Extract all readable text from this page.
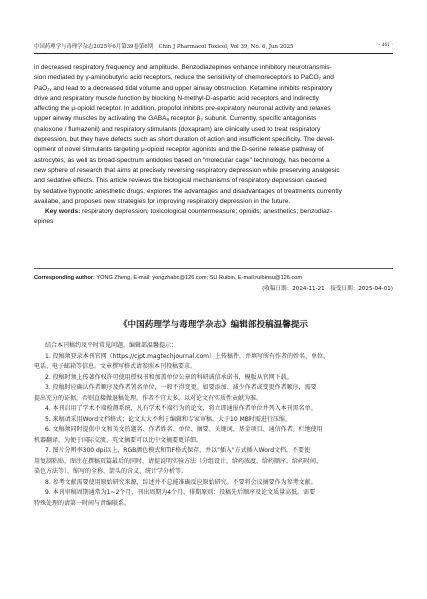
中国药理学与毒理学杂志2025年6月第39卷第6期　Chin J Pharmacol Toxicol, Vol 39, No. 6, Jun 2025	· 461 ·
in decreased respiratory frequency and amplitude. Benzodiazepines enhance inhibitory neurotransmis-
sion mediated by γ-aminobutyric acid receptors, reduce the sensitivity of chemoreceptors to PaCO₂ and
PaO₂, and lead to a decreased tidal volume and upper airway obstruction. Ketamine inhibits respiratory
drive and respiratory muscle function by blocking N-methyl-D-aspartic acid receptors and indirectly
affecting the μ-opioid receptor. In addition, propofol inhibits pre-expiratory neuronal activity and relaxes
upper airway muscles by activating the GABAₐ receptor β₃ subunit. Currently, specific antagonists
(naloxone / flumazenil) and respiratory stimulants (doxapram) are clinically used to treat respiratory
depression, but they have defects such as short duration of action and insufficient specificity. The devel-
opment of novel stimulants targeting μ-opioid receptor agonists and the D-serine release pathway of
astrocytes, as well as broad-spectrum antidotes based on "molecular cage" technology, has become a
new sphere of research that aims at precisely reversing respiratory depression while preserving analgesic
and sedative effects. This article reviews the biological mechanisms of respiratory depression caused
by sedative hypnotic anesthetic drugs, explores the advantages and disadvantages of treatments currently
availabe, and proposes new strategies for improving respiratory depression in the future.
Key words: respiratory depression; toxicological countermeasure; opioids; anesthetics; benzodiaz-
epines
Corresponding author: YONG Zheng, E-mail: yongzhabc@126.com; SU Ruibin, E-mail:ruibinsu@126.com
(收稿日期：2024-11-21　接受日期：2025-04-01)
《中国药理学与毒理学杂志》编辑部投稿温馨提示
结合本刊稿约及平时常见问题，编辑部温馨提示：
1. 投稿须登录本刊官网（https://cjpt.magtechjournal.com）上传稿件，并填写所有作者的姓名、单位、
电话、电子邮箱等信息。文章撰写格式请参照本刊投稿要求。
2. 投稿时须上传著作权许可使用授权书和加盖单位公章的科研诚信承诺书，模版从官网下载。
3. 投稿时应确认作者顺序及作者署名单位，一般不得变更。如要添加、减少作者或变更作者顺序，需要
提出充分的证据，否则直接做退稿处理。作者不宜太多，以对论文有实质性贡献为准。
4. 本刊启用了学术不端检测系统，凡有学术不端行为的论文，将立即通报作者单位并列入本刊黑名单。
5. 来稿请采用Word文档格式；论文太大不利于编辑和专家审稿，大于10 MB时需进行压缩。
6. 文稿须同时提供中文和英文的题名、作者姓名、单位、摘要、关键词、基金项目、通信作者。栏地使用
机器翻译，为便于国际交流，英文摘要可以比中文摘要更详细。
7. 图片分辨率300 dpi以上，RGB颜色模式和TIF格式保存，并以"插入"方式插入Word文档，不要使
用复制粘贴，图注在撰稿页篇最后的同时，请提说明实验方法（分组设计，给药浓度，给药顺序，给药时间，
染色方法等）、缩写的全称、箭头的含义、统计学分析等。
8. 参考文献需要使用原始研究来源，综述并不总能准确反应原始研究。不要将会议摘要作为参考文献。
9. 本刊审稿周期通常为1~2个月，刊出周期为4个月，排期原则：投稿先后顺序及论文质量高低。需要
特殊处理的请第一时间与责编联系。
